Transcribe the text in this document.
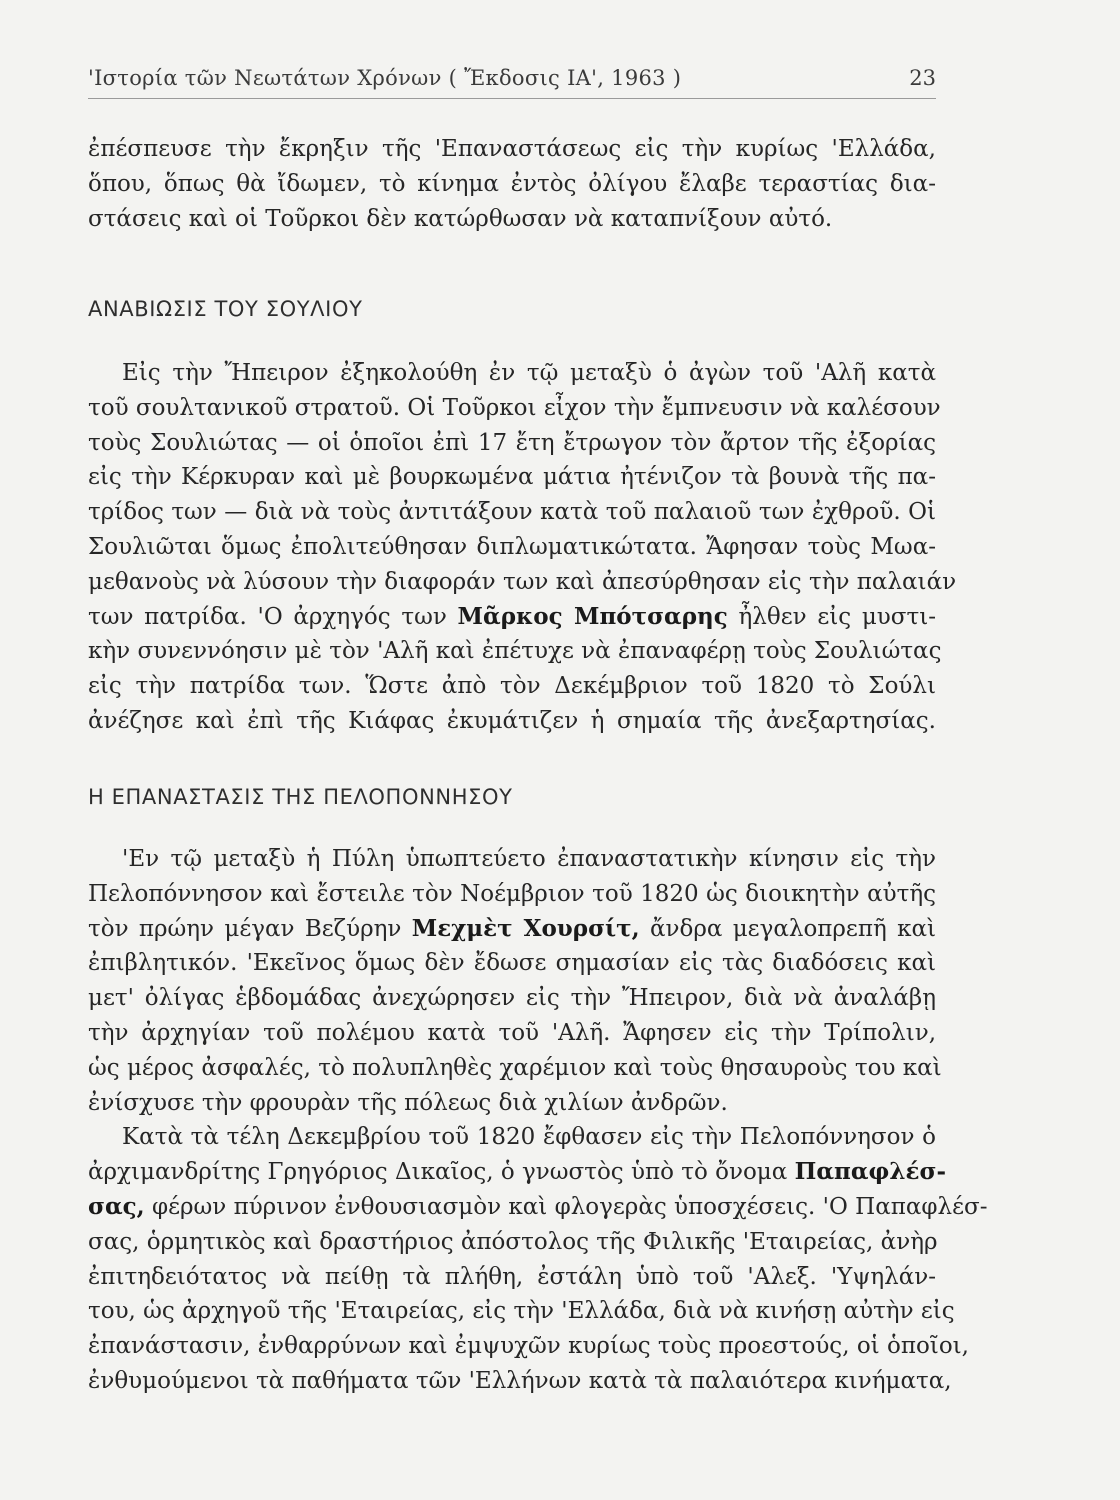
'Ιστορία τῶν Νεωτάτων Χρόνων ( Ἔκδοσις ΙΑ', 1963 )	23
ἐπέσπευσε τὴν ἔκρηξιν τῆς 'Επαναστάσεως εἰς τὴν κυρίως 'Ελλάδα,
ὅπου, ὅπως θὰ ἴδωμεν, τὸ κίνημα ἐντὸς ὀλίγου ἔλαβε τεραστίας δια-
στάσεις καὶ οἱ Τοῦρκοι δὲν κατώρθωσαν νὰ καταπνίξουν αὐτό.
ΑΝΑΒΙΩΣΙΣ ΤΟΥ ΣΟΥΛΙΟΥ
Εἰς τὴν Ἤπειρον ἐξηκολούθη ἐν τῷ μεταξὺ ὁ ἀγὼν τοῦ 'Αλῆ κατὰ
τοῦ σουλτανικοῦ στρατοῦ. Οἱ Τοῦρκοι εἶχον τὴν ἔμπνευσιν νὰ καλέσουν
τοὺς Σουλιώτας — οἱ ὁποῖοι ἐπὶ 17 ἔτη ἔτρωγον τὸν ἄρτον τῆς ἐξορίας
εἰς τὴν Κέρκυραν καὶ μὲ βουρκωμένα μάτια ἠτένιζον τὰ βουνὰ τῆς πα-
τρίδος των — διὰ νὰ τοὺς ἀντιτάξουν κατὰ τοῦ παλαιοῦ των ἐχθροῦ. Οἱ
Σουλιῶται ὅμως ἐπολιτεύθησαν διπλωματικώτατα. Ἄφησαν τοὺς Μωα-
μεθανοὺς νὰ λύσουν τὴν διαφοράν των καὶ ἀπεσύρθησαν εἰς τὴν παλαιάν
των πατρίδα. 'Ο ἀρχηγός των Μᾶρκος Μπότσαρης ἦλθεν εἰς μυστι-
κὴν συνεννόησιν μὲ τὸν 'Αλῆ καὶ ἐπέτυχε νὰ ἐπαναφέρῃ τοὺς Σουλιώτας
εἰς τὴν πατρίδα των. Ὥστε ἀπὸ τὸν Δεκέμβριον τοῦ 1820 τὸ Σούλι
ἀνέζησε καὶ ἐπὶ τῆς Κιάφας ἐκυμάτιζεν ἡ σημαία τῆς ἀνεξαρτησίας.
Η ΕΠΑΝΑΣΤΑΣΙΣ ΤΗΣ ΠΕΛΟΠΟΝΝΗΣΟΥ
'Εν τῷ μεταξὺ ἡ Πύλη ὑπωπτεύετο ἐπαναστατικὴν κίνησιν εἰς τὴν
Πελοπόννησον καὶ ἔστειλε τὸν Νοέμβριον τοῦ 1820 ὡς διοικητὴν αὐτῆς
τὸν πρώην μέγαν Βεζύρην Μεχμὲτ Χουρσίτ, ἄνδρα μεγαλοπρεπῆ καὶ
ἐπιβλητικόν. 'Εκεῖνος ὅμως δὲν ἔδωσε σημασίαν εἰς τὰς διαδόσεις καὶ
μετ' ὀλίγας ἑβδομάδας ἀνεχώρησεν εἰς τὴν Ἤπειρον, διὰ νὰ ἀναλάβῃ
τὴν ἀρχηγίαν τοῦ πολέμου κατὰ τοῦ 'Αλῆ. Ἄφησεν εἰς τὴν Τρίπολιν,
ὡς μέρος ἀσφαλές, τὸ πολυπληθὲς χαρέμιον καὶ τοὺς θησαυροὺς του καὶ
ἐνίσχυσε τὴν φρουρὰν τῆς πόλεως διὰ χιλίων ἀνδρῶν.
Κατὰ τὰ τέλη Δεκεμβρίου τοῦ 1820 ἔφθασεν εἰς τὴν Πελοπόννησον ὁ
ἀρχιμανδρίτης Γρηγόριος Δικαῖος, ὁ γνωστὸς ὑπὸ τὸ ὄνομα Παπαφλέσ-
σας, φέρων πύρινον ἐνθουσιασμὸν καὶ φλογερὰς ὑποσχέσεις. 'Ο Παπαφλέσ-
σας, ὁρμητικὸς καὶ δραστήριος ἀπόστολος τῆς Φιλικῆς 'Εταιρείας, ἀνὴρ
ἐπιτηδειότατος νὰ πείθῃ τὰ πλήθη, ἐστάλη ὑπὸ τοῦ 'Αλεξ. 'Υψηλάν-
του, ὡς ἀρχηγοῦ τῆς 'Εταιρείας, εἰς τὴν 'Ελλάδα, διὰ νὰ κινήσῃ αὐτὴν εἰς
ἐπανάστασιν, ἐνθαρρύνων καὶ ἐμψυχῶν κυρίως τοὺς προεστούς, οἱ ὁποῖοι,
ἐνθυμούμενοι τὰ παθήματα τῶν 'Ελλήνων κατὰ τὰ παλαιότερα κινήματα,
